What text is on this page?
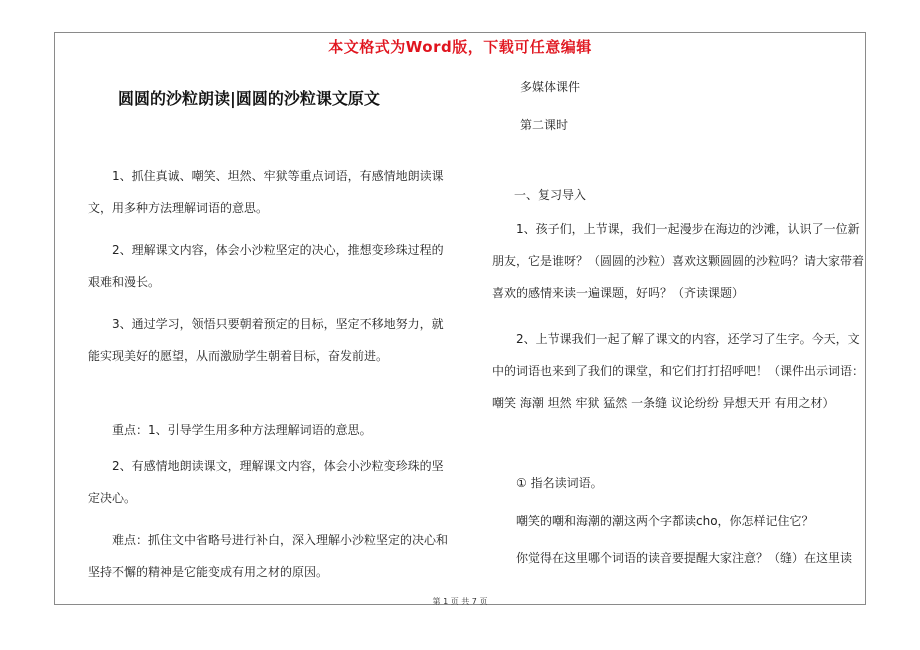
本文格式为Word版，下载可任意编辑
圆圆的沙粒朗读|圆圆的沙粒课文原文

1、抓住真诚、嘲笑、坦然、牢狱等重点词语，有感情地朗读课文，用多种方法理解词语的意思。

2、理解课文内容，体会小沙粒坚定的决心，推想变珍珠过程的艰难和漫长。

3、通过学习，领悟只要朝着预定的目标，坚定不移地努力，就能实现美好的愿望，从而激励学生朝着目标，奋发前进。

重点：1、引导学生用多种方法理解词语的意思。

2、有感情地朗读课文，理解课文内容，体会小沙粒变珍珠的坚定决心。

难点：抓住文中省略号进行补白，深入理解小沙粒坚定的决心和坚持不懈的精神是它能变成有用之材的原因。

多媒体课件
第二课时
一、复习导入

1、孩子们，上节课，我们一起漫步在海边的沙滩，认识了一位新朋友，它是谁呀？（圆圆的沙粒）喜欢这颗圆圆的沙粒吗？请大家带着喜欢的感情来读一遍课题，好吗？（齐读课题）

2、上节课我们一起了解了课文的内容，还学习了生字。今天，文中的词语也来到了我们的课堂，和它们打打招呼吧！（课件出示词语：嘲笑 海潮 坦然 牢狱 猛然 一条缝 议论纷纷 异想天开 有用之材）

① 指名读词语。

嘲笑的嘲和海潮的潮这两个字都读cho，你怎样记住它？

你觉得在这里哪个词语的读音要提醒大家注意？（缝）在这里读

第 1 页 共 7 页
